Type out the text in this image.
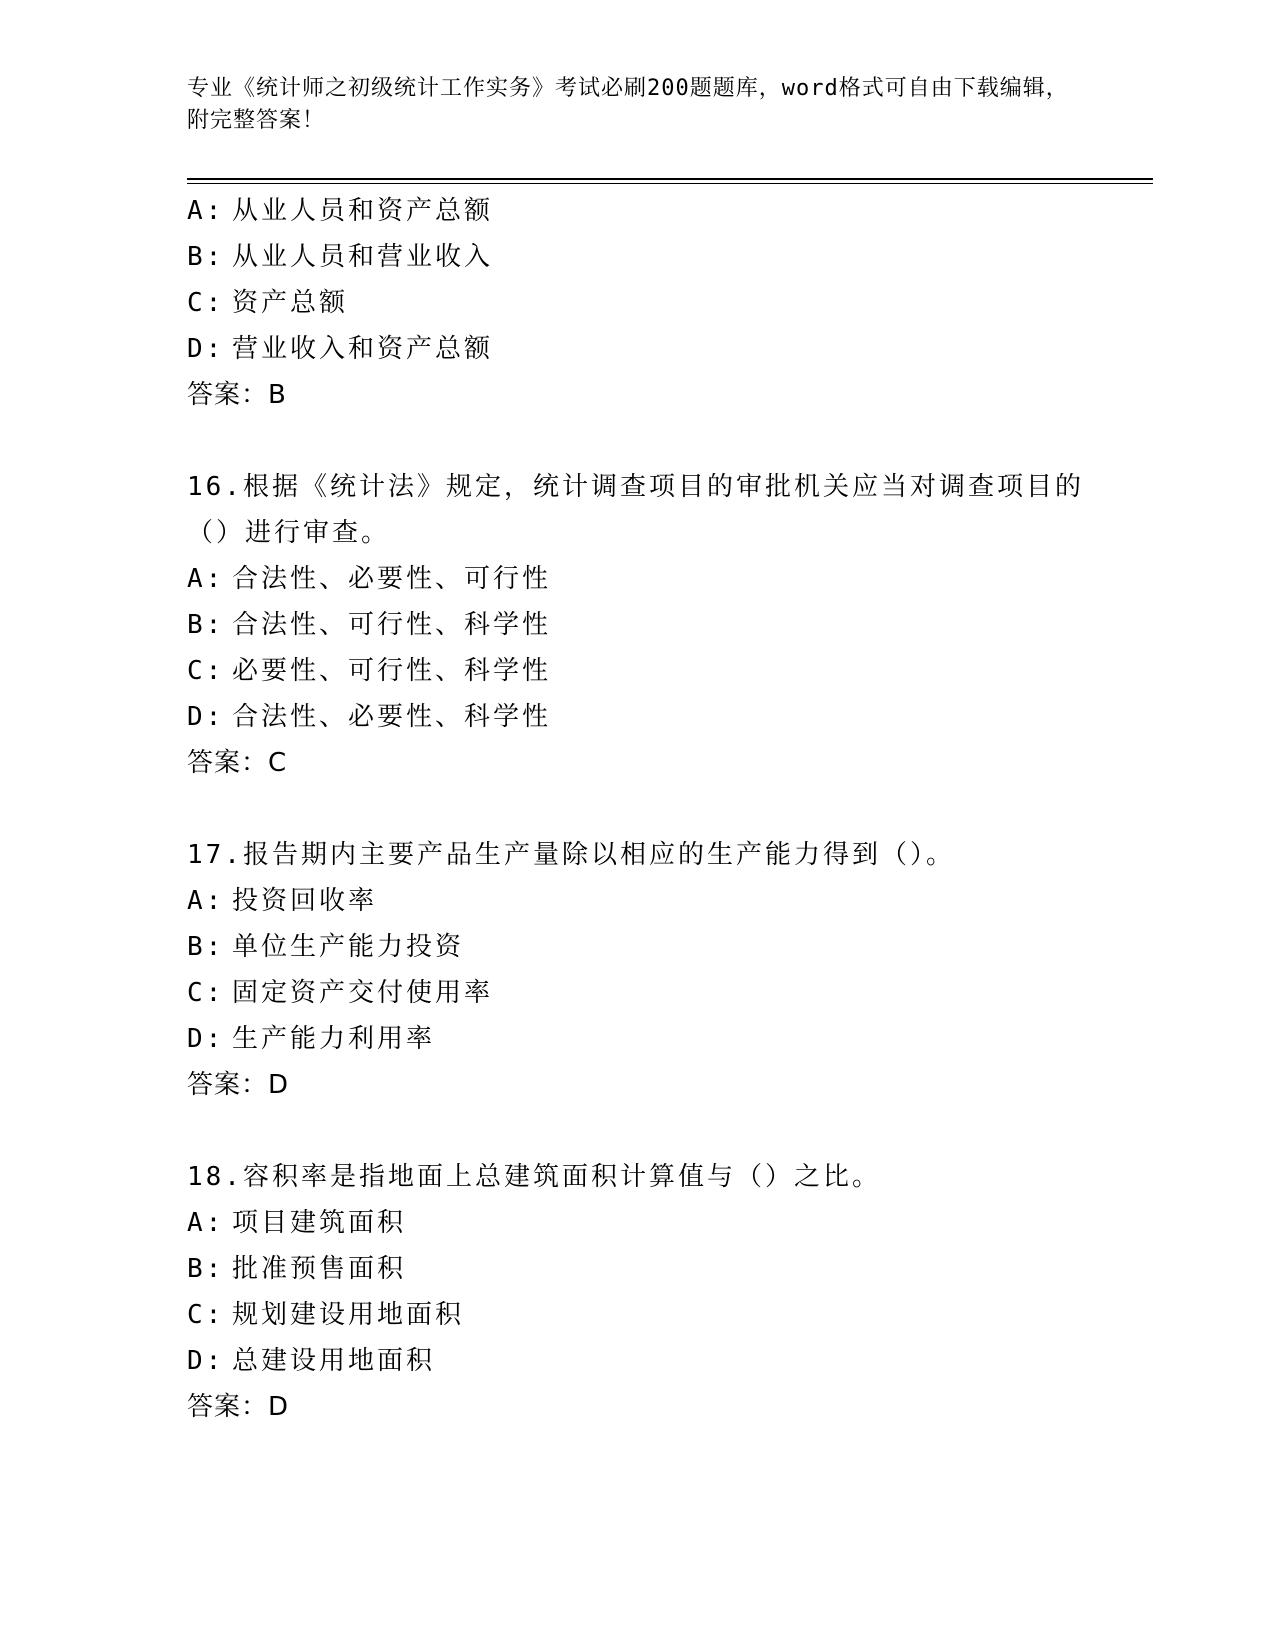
专业《统计师之初级统计工作实务》考试必刷200题题库，word格式可自由下载编辑，附完整答案！
A: 从业人员和资产总额
B: 从业人员和营业收入
C: 资产总额
D: 营业收入和资产总额
答案：B
16.根据《统计法》规定，统计调查项目的审批机关应当对调查项目的（）进行审查。
A: 合法性、必要性、可行性
B: 合法性、可行性、科学性
C: 必要性、可行性、科学性
D: 合法性、必要性、科学性
答案：C
17.报告期内主要产品生产量除以相应的生产能力得到（）。
A: 投资回收率
B: 单位生产能力投资
C: 固定资产交付使用率
D: 生产能力利用率
答案：D
18.容积率是指地面上总建筑面积计算值与（）之比。
A: 项目建筑面积
B: 批准预售面积
C: 规划建设用地面积
D: 总建设用地面积
答案：D
